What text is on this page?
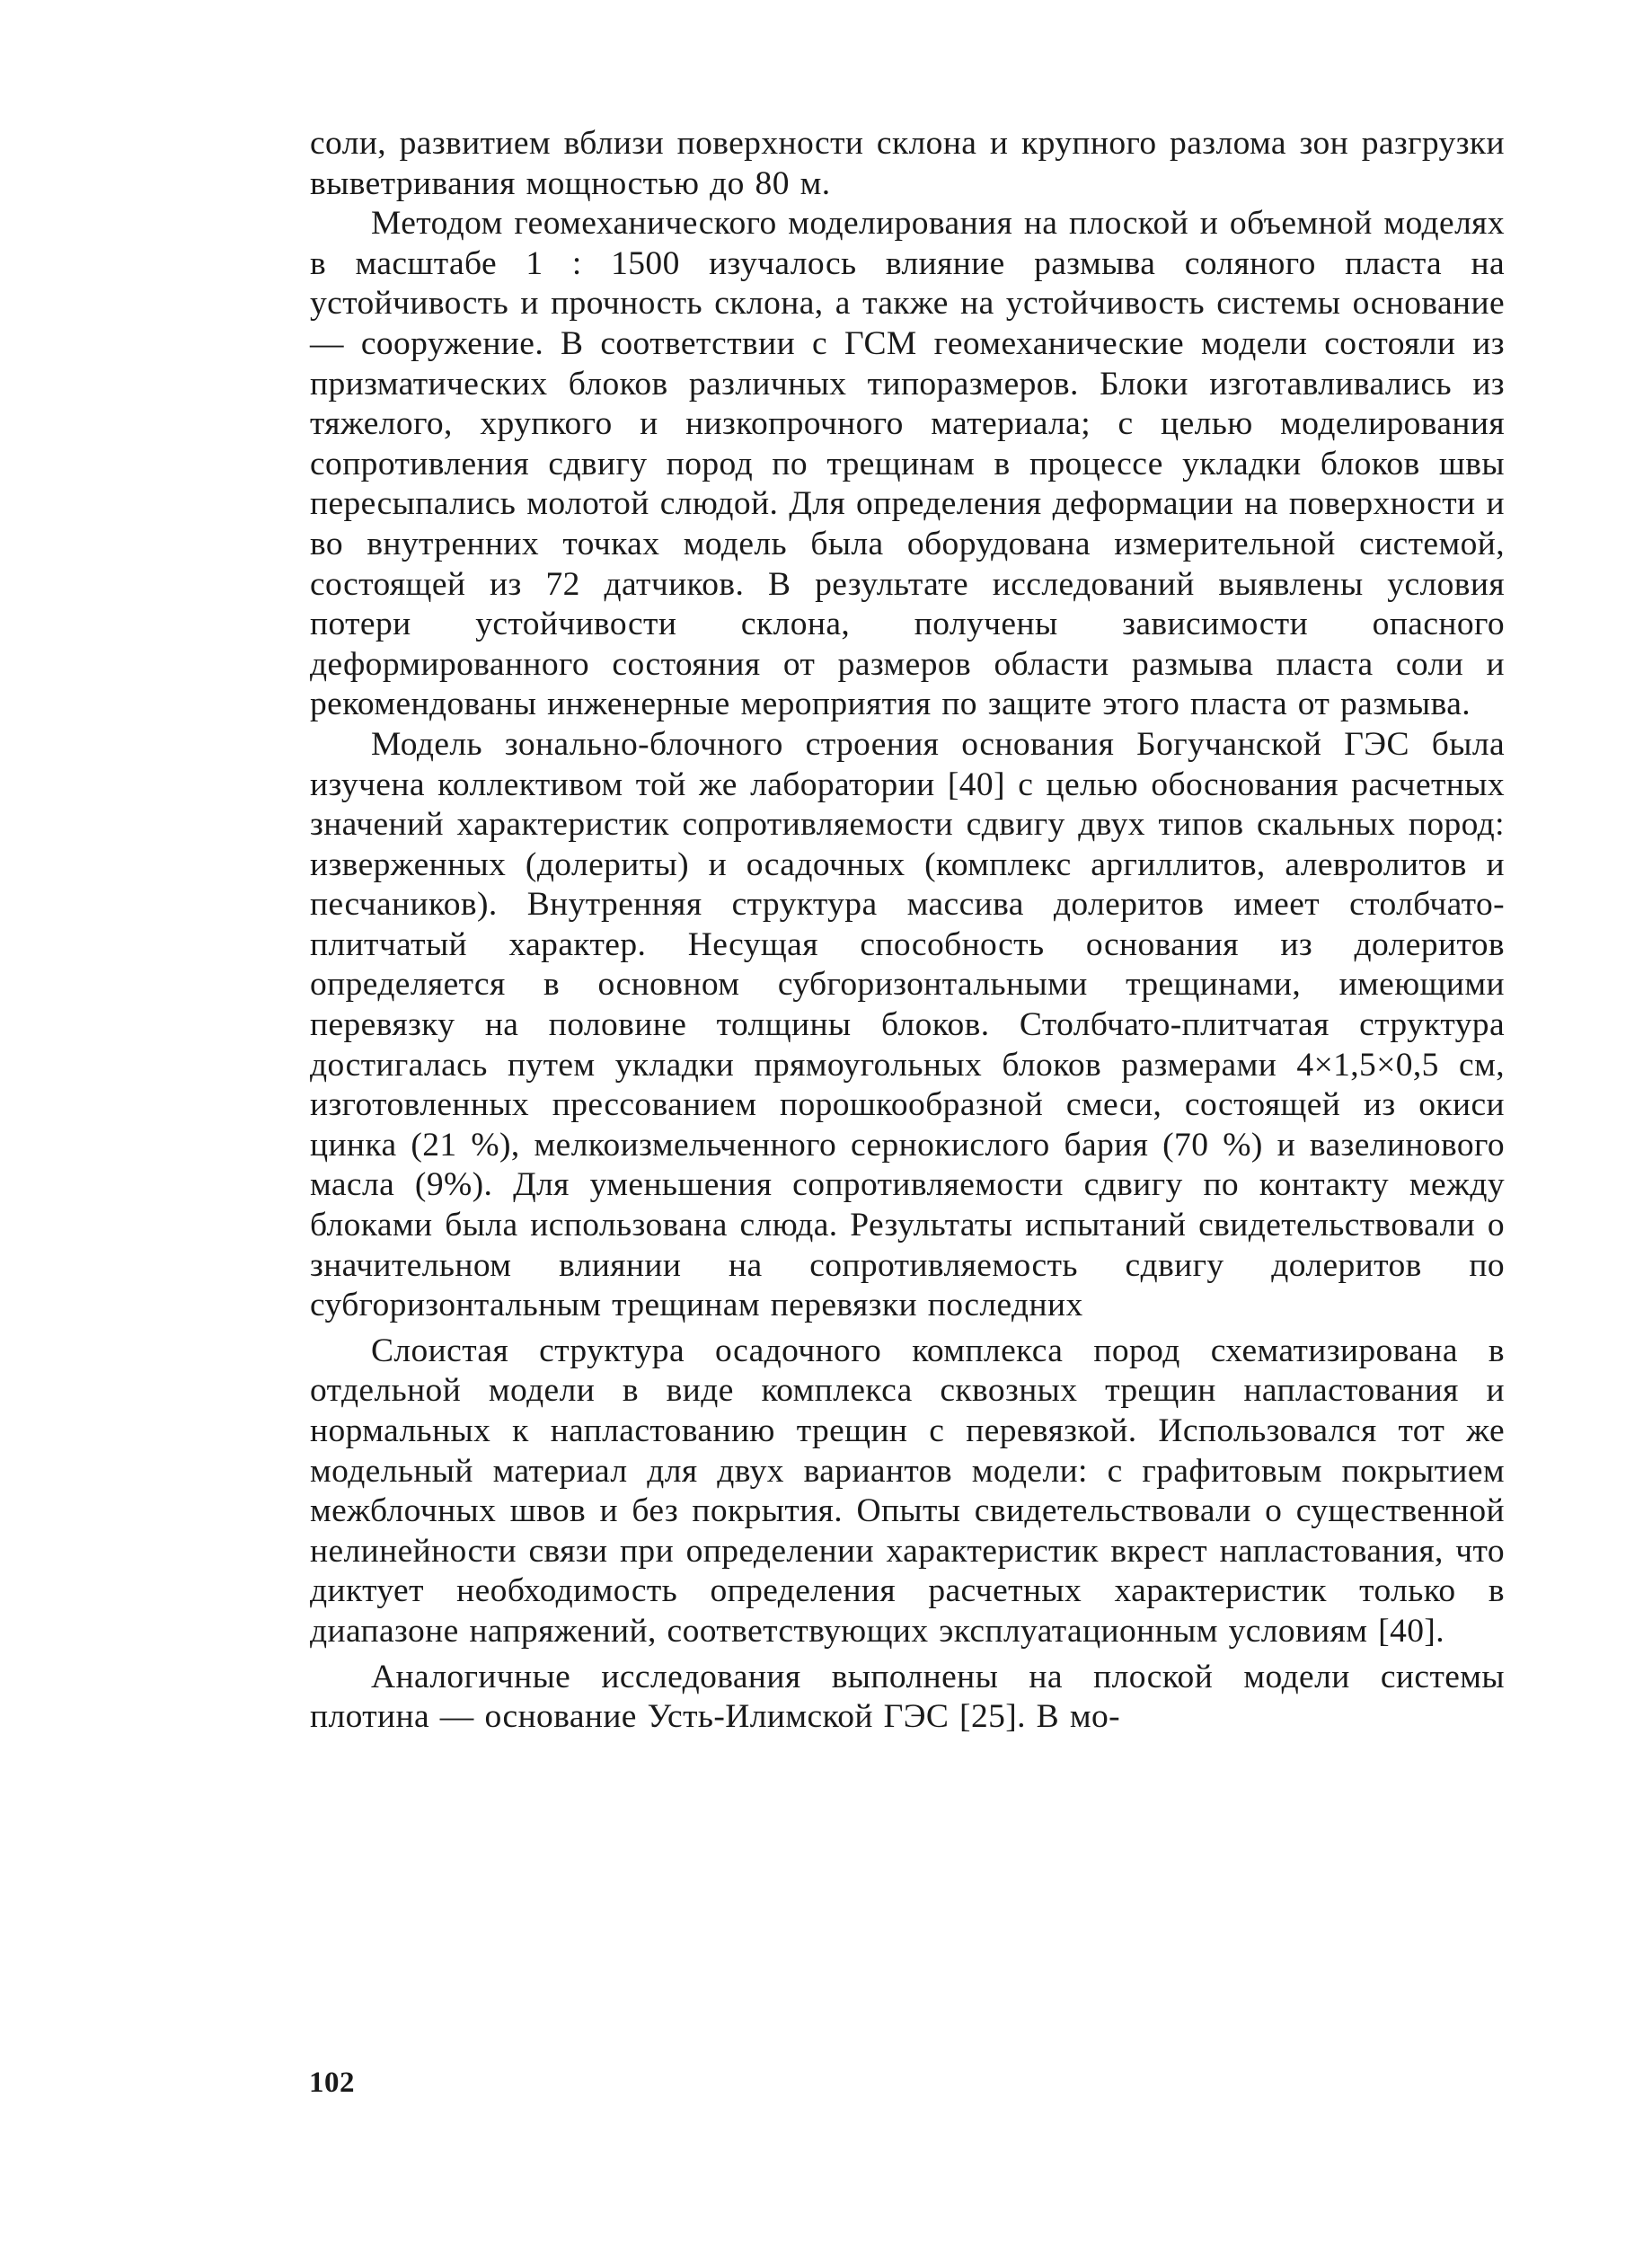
соли, развитием вблизи поверхности склона и крупного разлома зон разгрузки выветривания мощностью до 80 м.

Методом геомеханического моделирования на плоской и объемной моделях в масштабе 1 : 1500 изучалось влияние размыва соляного пласта на устойчивость и прочность склона, а также на устойчивость системы основание — сооружение. В соответствии с ГСМ геомеханические модели состояли из призматических блоков различных типоразмеров. Блоки изготавливались из тяжелого, хрупкого и низкопрочного материала; с целью моделирования сопротивления сдвигу пород по трещинам в процессе укладки блоков швы пересыпались молотой слюдой. Для определения деформации на поверхности и во внутренних точках модель была оборудована измерительной системой, состоящей из 72 датчиков. В результате исследований выявлены условия потери устойчивости склона, получены зависимости опасного деформированного состояния от размеров области размыва пласта соли и рекомендованы инженерные мероприятия по защите этого пласта от размыва.

Модель зонально-блочного строения основания Богучанской ГЭС была изучена коллективом той же лаборатории [40] с целью обоснования расчетных значений характеристик сопротивляемости сдвигу двух типов скальных пород: изверженных (долериты) и осадочных (комплекс аргиллитов, алевролитов и песчаников). Внутренняя структура массива долеритов имеет столбчато-плитчатый характер. Несущая способность основания из долеритов определяется в основном субгоризонтальными трещинами, имеющими перевязку на половине толщины блоков. Столбчато-плитчатая структура достигалась путем укладки прямоугольных блоков размерами 4×1,5×0,5 см, изготовленных прессованием порошкообразной смеси, состоящей из окиси цинка (21 %), мелкоизмельченного сернокислого бария (70 %) и вазелинового масла (9%). Для уменьшения сопротивляемости сдвигу по контакту между блоками была использована слюда. Результаты испытаний свидетельствовали о значительном влиянии на сопротивляемость сдвигу долеритов по субгоризонтальным трещинам перевязки последних

Слоистая структура осадочного комплекса пород схематизирована в отдельной модели в виде комплекса сквозных трещин напластования и нормальных к напластованию трещин с перевязкой. Использовался тот же модельный материал для двух вариантов модели: с графитовым покрытием межблочных швов и без покрытия. Опыты свидетельствовали о существенной нелинейности связи при определении характеристик вкрест напластования, что диктует необходимость определения расчетных характеристик только в диапазоне напряжений, соответствующих эксплуатационным условиям [40].

Аналогичные исследования выполнены на плоской модели системы плотина — основание Усть-Илимской ГЭС [25]. В мо-

102
